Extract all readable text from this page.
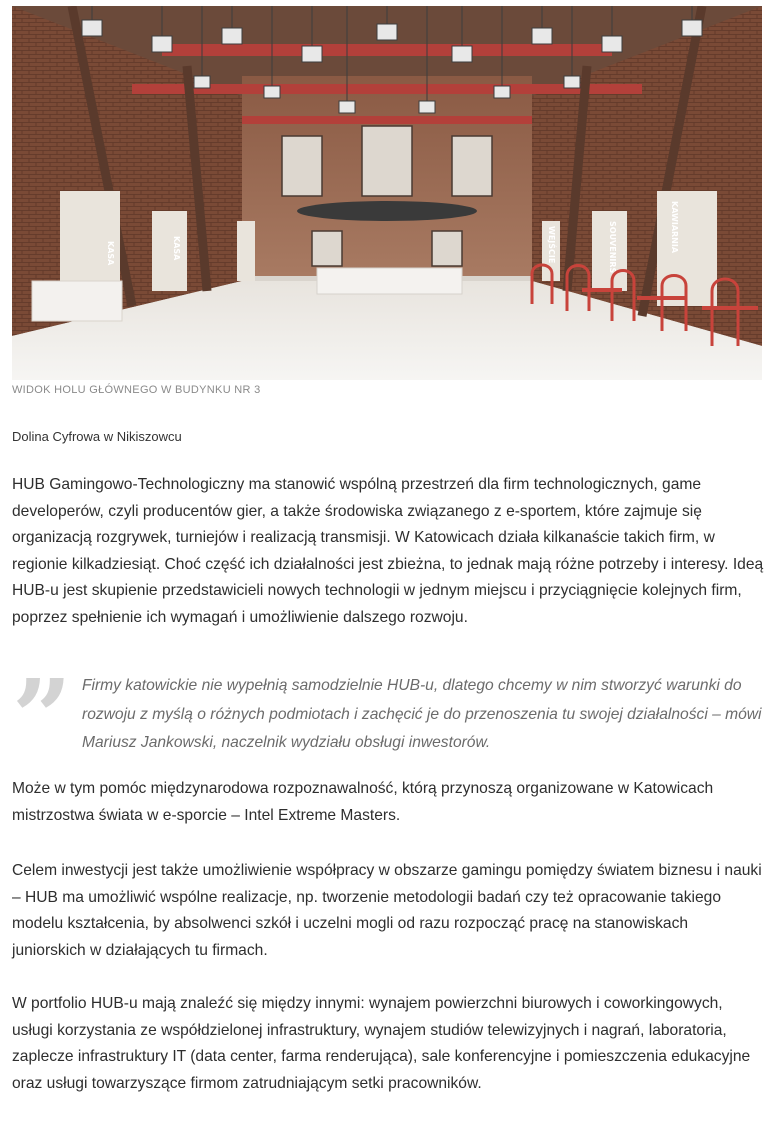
KASA	KASA	SOUVENIRS	KAWIARNIA
WEJŚCIE
WIDOK HOLU GŁÓWNEGO W BUDYNKU NR 3
Dolina Cyfrowa w Nikiszowcu

HUB Gamingowo-Technologiczny ma stanowić wspólną przestrzeń dla firm technologicznych, game developerów, czyli producentów gier, a także środowiska związanego z e-sportem, które zajmuje się organizacją rozgrywek, turniejów i realizacją transmisji. W Katowicach działa kilkanaście takich firm, w regionie kilkadziesiąt. Choć część ich działalności jest zbieżna, to jednak mają różne potrzeby i interesy. Ideą HUB-u jest skupienie przedstawicieli nowych technologii w jednym miejscu i przyciągnięcie kolejnych firm, poprzez spełnienie ich wymagań i umożliwienie dalszego rozwoju.

” Firmy katowickie nie wypełnią samodzielnie HUB-u, dlatego chcemy w nim stworzyć warunki do rozwoju z myślą o różnych podmiotach i zachęcić je do przenoszenia tu swojej działalności – mówi Mariusz Jankowski, naczelnik wydziału obsługi inwestorów.

Może w tym pomóc międzynarodowa rozpoznawalność, którą przynoszą organizowane w Katowicach mistrzostwa świata w e-sporcie – Intel Extreme Masters.

Celem inwestycji jest także umożliwienie współpracy w obszarze gamingu pomiędzy światem biznesu i nauki – HUB ma umożliwić wspólne realizacje, np. tworzenie metodologii badań czy też opracowanie takiego modelu kształcenia, by absolwenci szkół i uczelni mogli od razu rozpocząć pracę na stanowiskach juniorskich w działających tu firmach.

W portfolio HUB-u mają znaleźć się między innymi: wynajem powierzchni biurowych i coworkingowych, usługi korzystania ze współdzielonej infrastruktury, wynajem studiów telewizyjnych i nagrań, laboratoria, zaplecze infrastruktury IT (data center, farma renderująca), sale konferencyjne i pomieszczenia edukacyjne oraz usługi towarzyszące firmom zatrudniającym setki pracowników.
